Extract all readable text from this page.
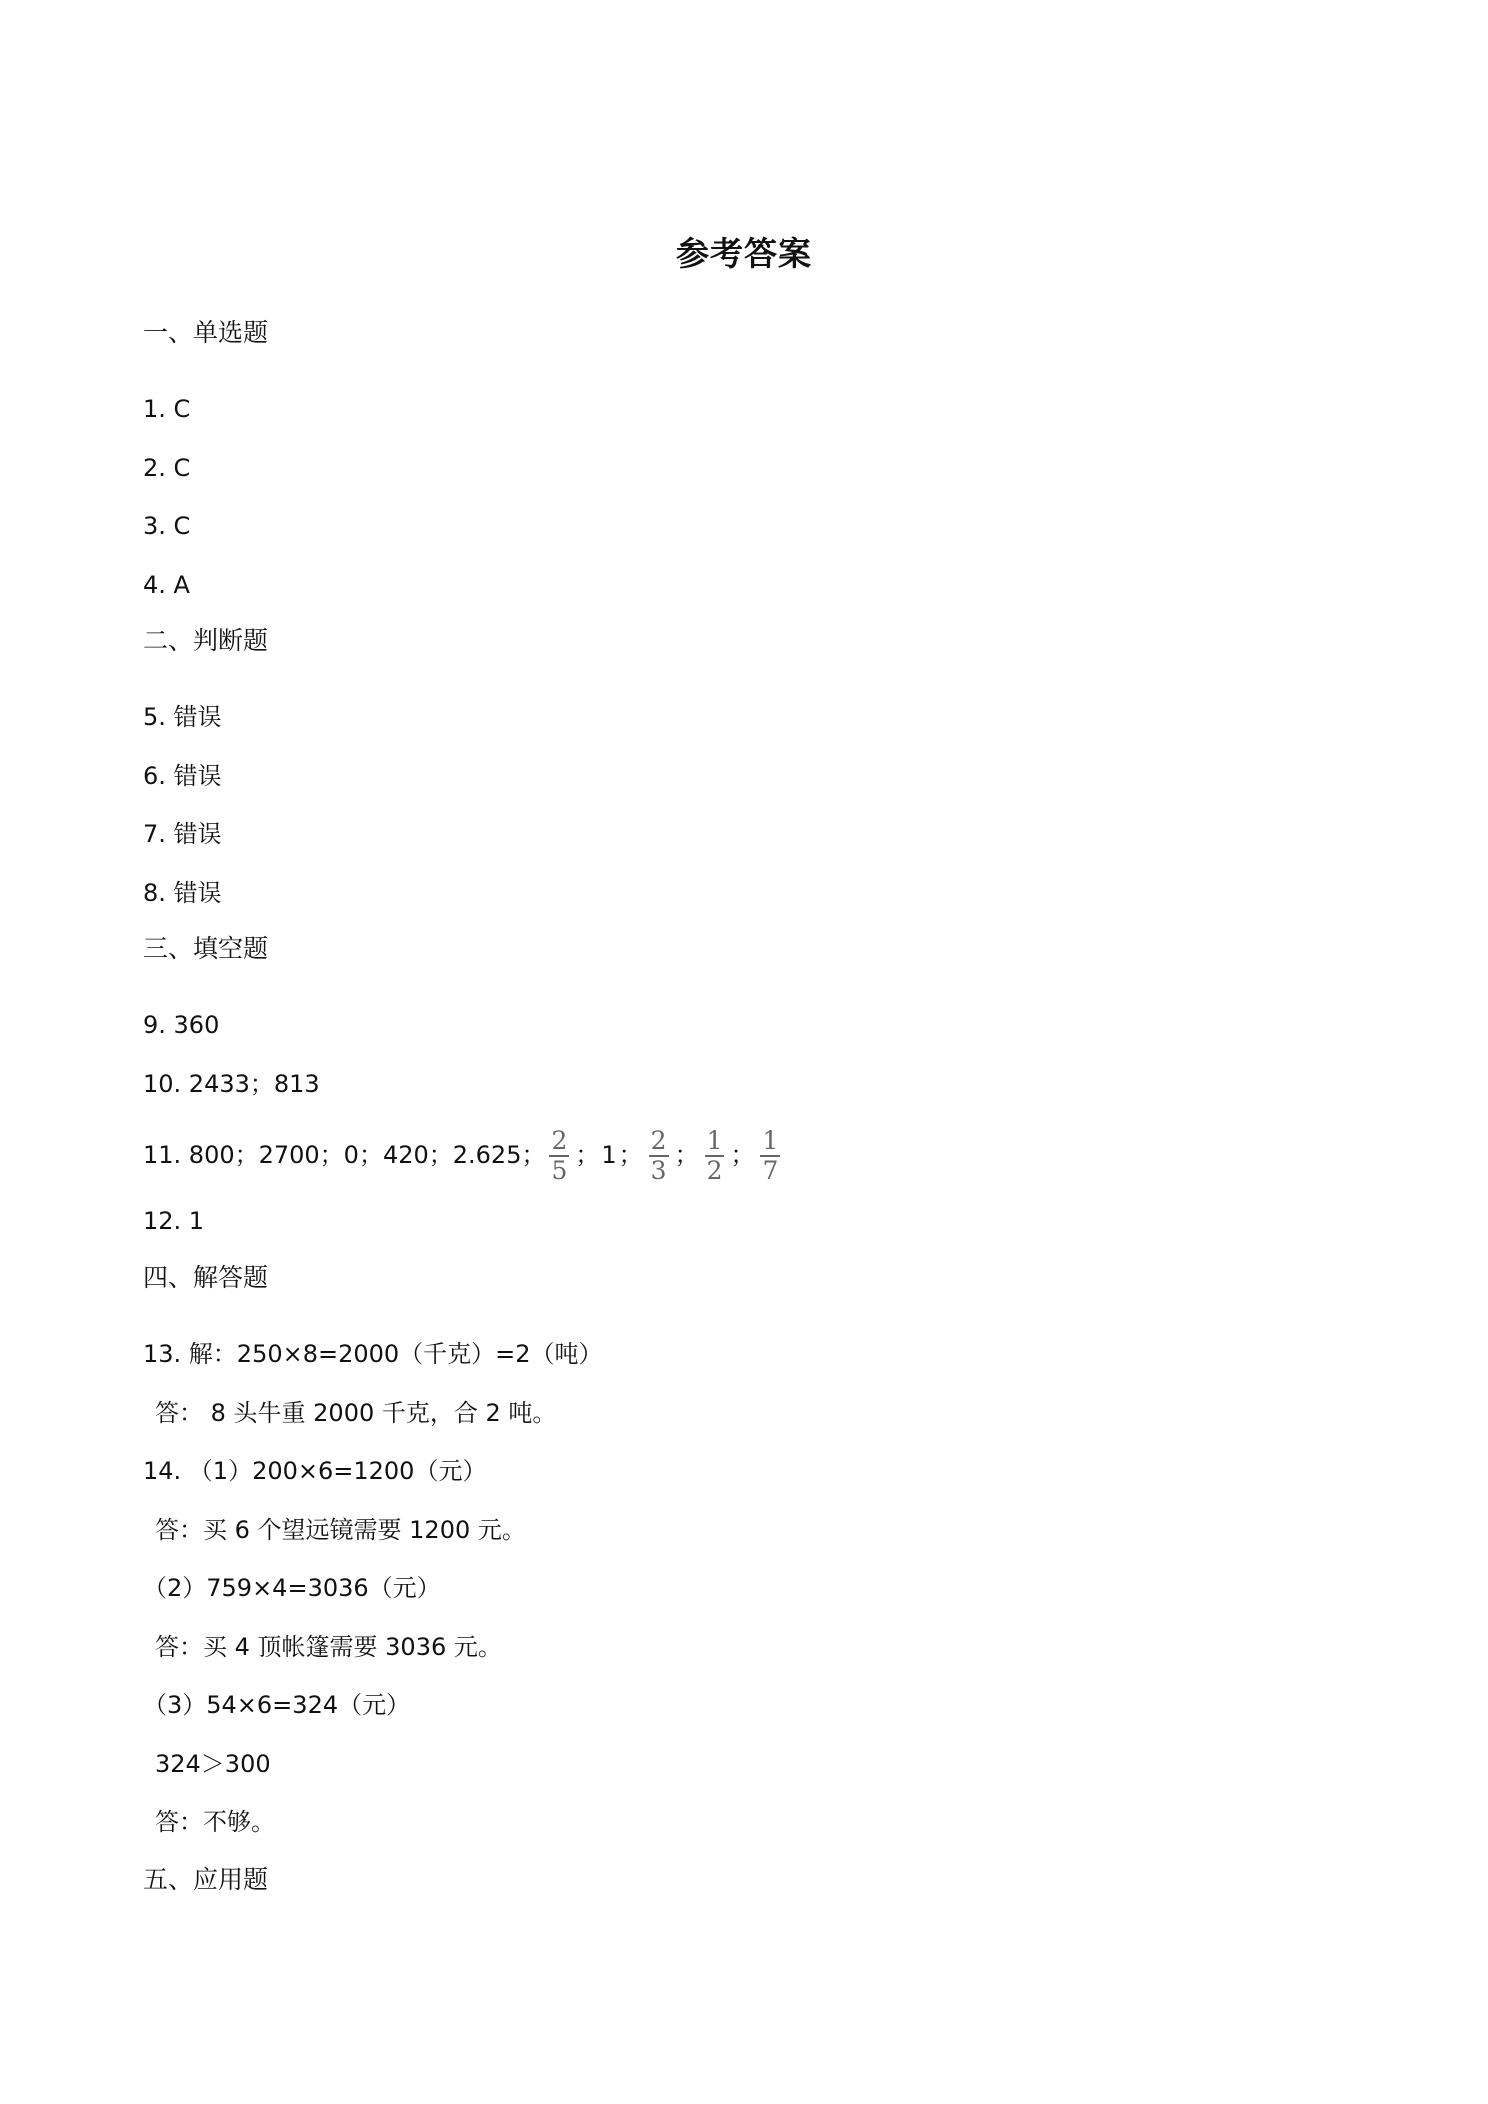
参考答案
一、单选题
1. C
2. C
3. C
4. A
二、判断题
5. 错误
6. 错误
7. 错误
8. 错误
三、填空题
9. 360
10. 2433；813
11. 800；2700；0；420；2.625； $\frac{2}{5}$ ；1； $\frac{2}{3}$ ； $\frac{1}{2}$ ； $\frac{1}{7}$
12. 1
四、解答题
13. 解：250×8=2000（千克）=2（吨）
答： 8 头牛重 2000 千克，合 2 吨。
14. （1）200×6=1200（元）
答：买 6 个望远镜需要 1200 元。
（2）759×4=3036（元）
答：买 4 顶帐篷需要 3036 元。
（3）54×6=324（元）
324＞300
答：不够。
五、应用题
